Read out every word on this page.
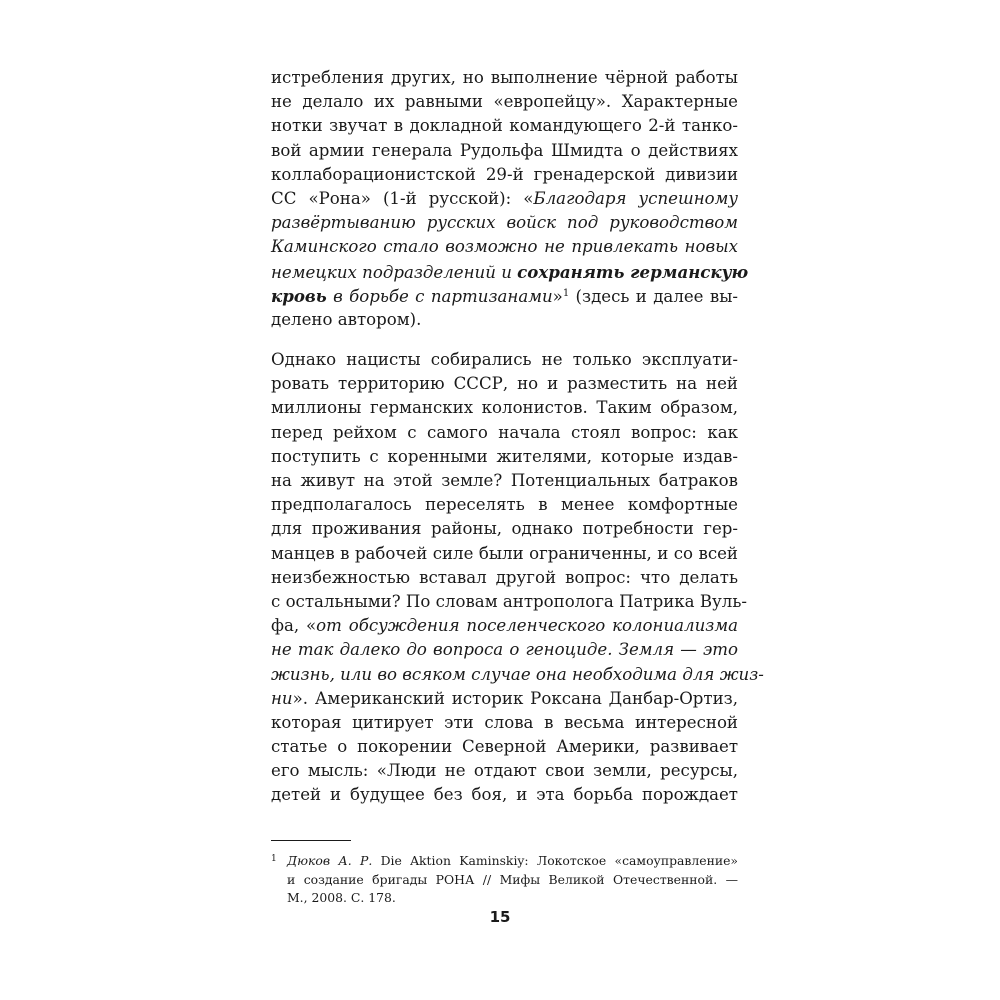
истребления других, но выполнение чёрной работы
не делало их равными «европейцу». Характерные
нотки звучат в докладной командующего 2-й танко-
вой армии генерала Рудольфа Шмидта о действиях
коллаборационистской 29-й гренадерской дивизии
СС «Рона» (1-й русской): «Благодаря успешному
развёртыванию русских войск под руководством
Каминского стало возможно не привлекать новых
немецких подразделений и сохранять германскую
кровь в борьбе с партизанами»$^1$ (здесь и далее вы-
делено автором).
Однако нацисты собирались не только эксплуати-
ровать территорию СССР, но и разместить на ней
миллионы германских колонистов. Таким образом,
перед рейхом с самого начала стоял вопрос: как
поступить с коренными жителями, которые издав-
на живут на этой земле? Потенциальных батраков
предполагалось переселять в менее комфортные
для проживания районы, однако потребности гер-
манцев в рабочей силе были ограниченны, и со всей
неизбежностью вставал другой вопрос: что делать
с остальными? По словам антрополога Патрика Вуль-
фа, «от обсуждения поселенческого колониализма
не так далеко до вопроса о геноциде. Земля — это
жизнь, или во всяком случае она необходима для жиз-
ни». Американский историк Роксана Данбар-Ортиз,
которая цитирует эти слова в весьма интересной
статье о покорении Северной Америки, развивает
его мысль: «Люди не отдают свои земли, ресурсы,
детей и будущее без боя, и эта борьба порождает
1 Дюков А. Р. Die Aktion Kaminskiy: Локотское «самоуправление»
и создание бригады РОНА // Мифы Великой Отечественной. —
М., 2008. С. 178.
15
